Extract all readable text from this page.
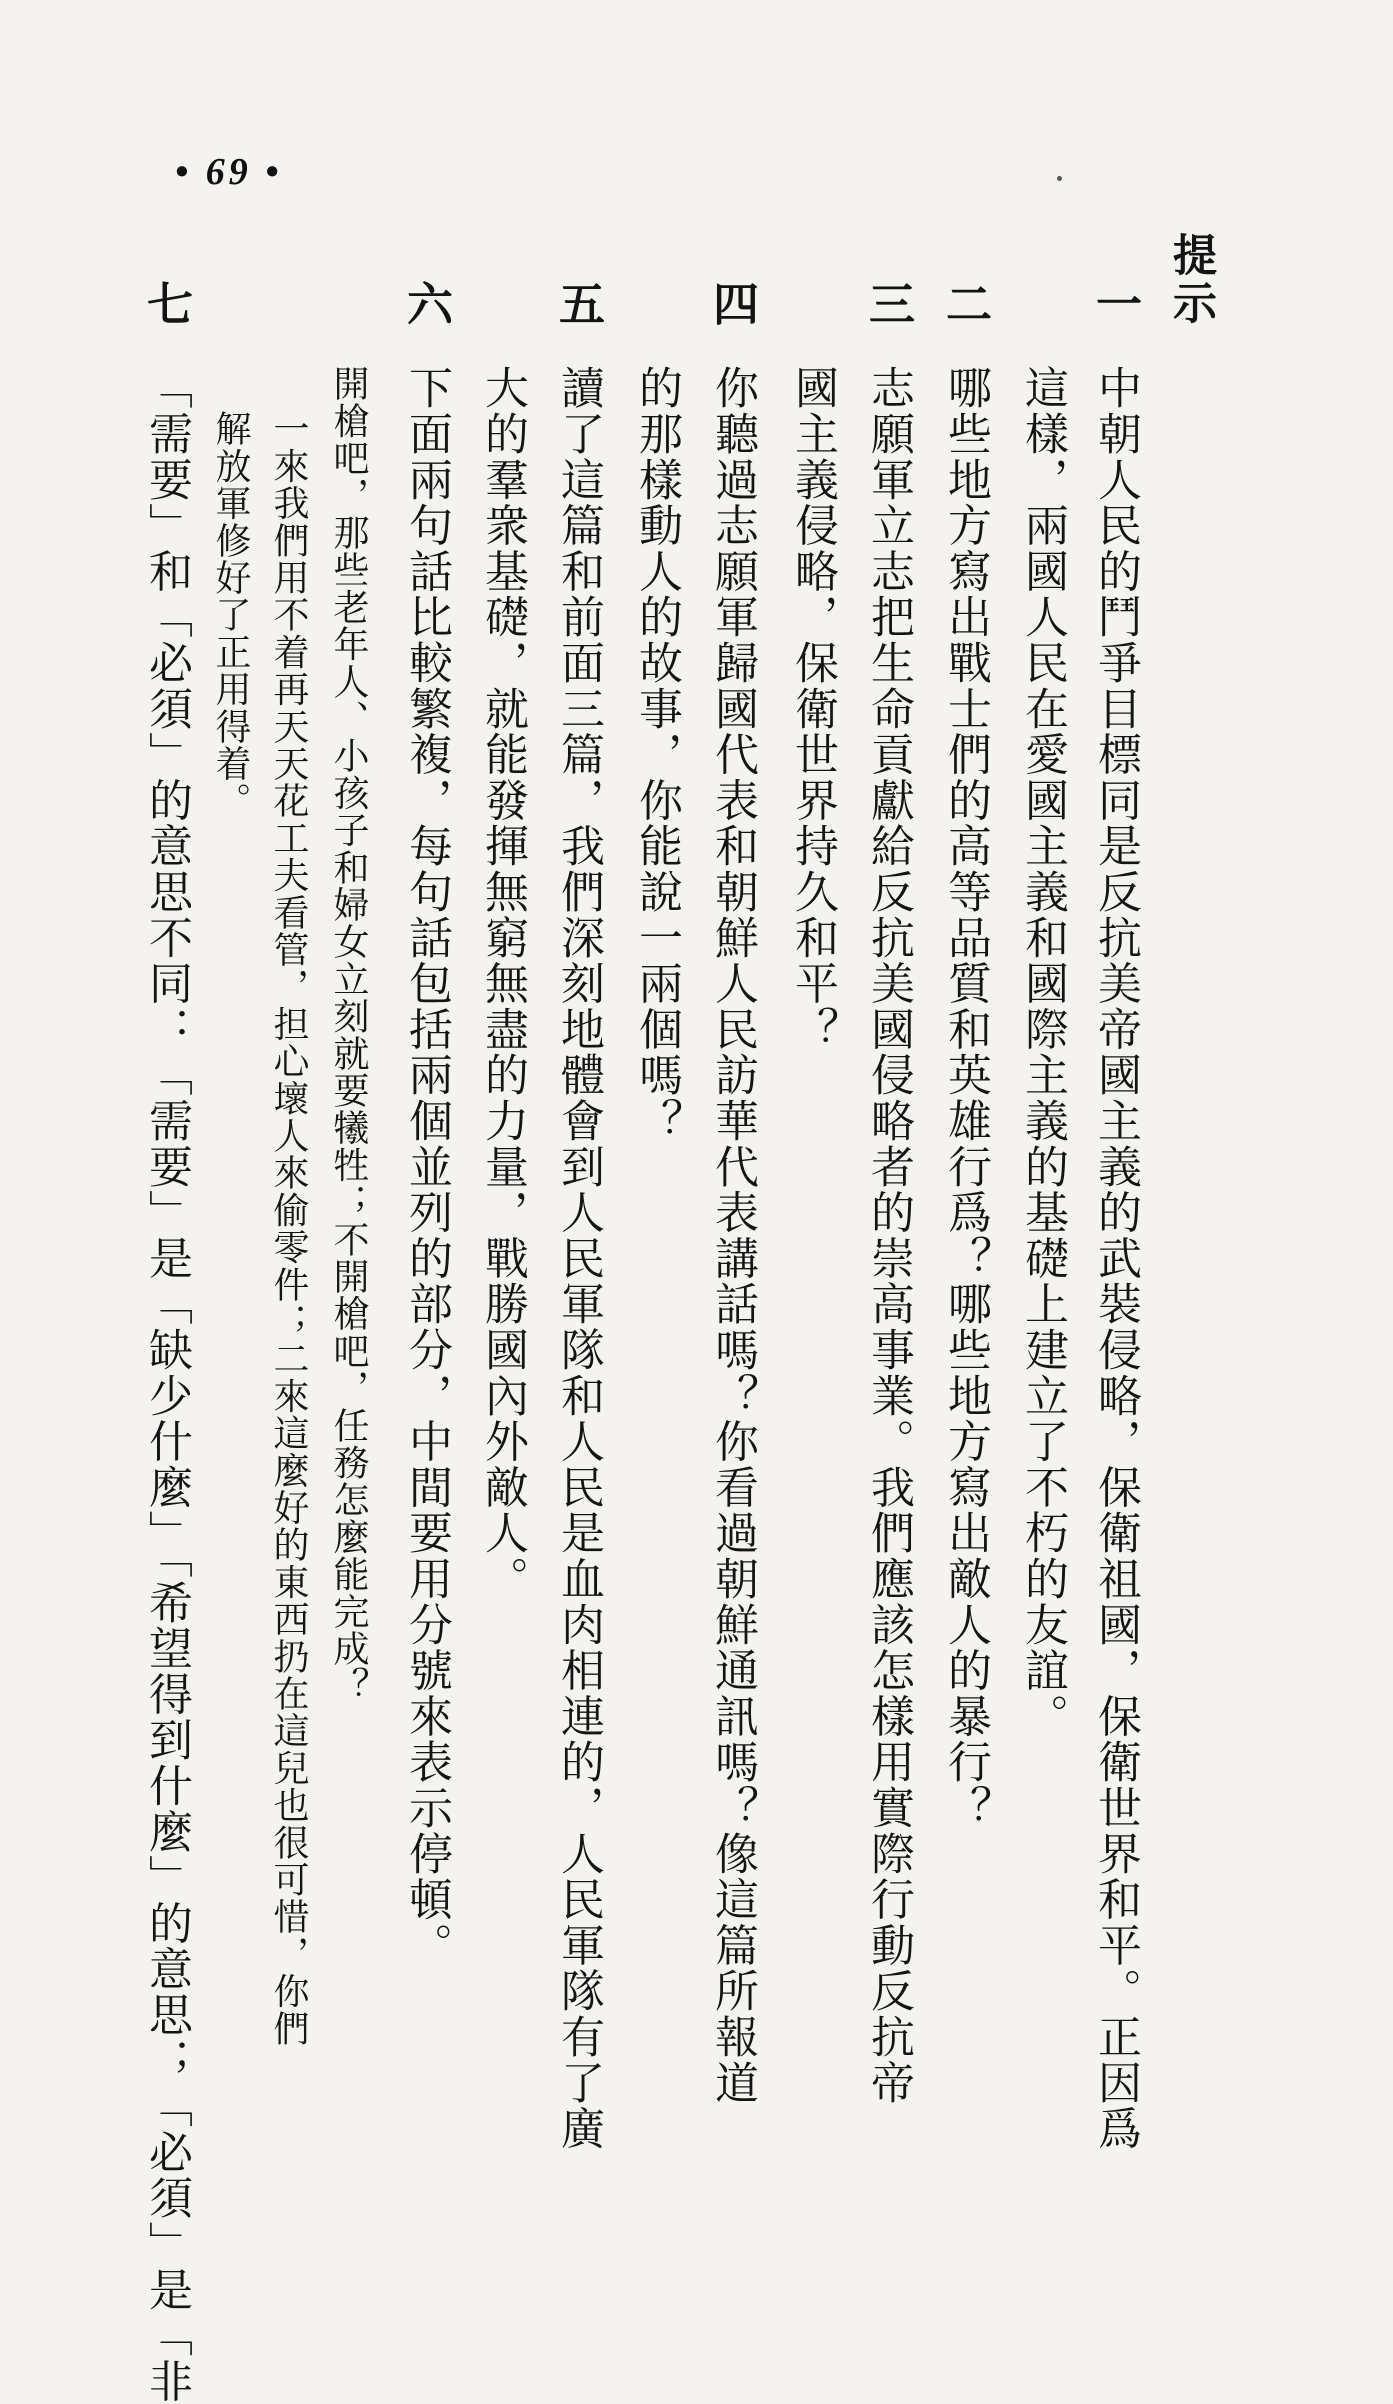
• 69 •
提示
一
中朝人民的鬥爭目標同是反抗美帝國主義的武裝侵略，保衛祖國，保衛世界和平。正因爲
這樣，兩國人民在愛國主義和國際主義的基礎上建立了不朽的友誼。
二
哪些地方寫出戰士們的高等品質和英雄行爲？哪些地方寫出敵人的暴行？
三
志願軍立志把生命貢獻給反抗美國侵略者的崇高事業。我們應該怎樣用實際行動反抗帝
國主義侵略，保衛世界持久和平？
四
你聽過志願軍歸國代表和朝鮮人民訪華代表講話嗎？你看過朝鮮通訊嗎？像這篇所報道
的那樣動人的故事，你能說一兩個嗎？
五
讀了這篇和前面三篇，我們深刻地體會到人民軍隊和人民是血肉相連的，人民軍隊有了廣
大的羣衆基礎，就能發揮無窮無盡的力量，戰勝國內外敵人。
六
下面兩句話比較繁複，每句話包括兩個並列的部分，中間要用分號來表示停頓。
開槍吧，那些老年人、小孩子和婦女立刻就要犧牲；不開槍吧，任務怎麼能完成？
一來我們用不着再天天花工夫看管，担心壞人來偷零件；二來這麼好的東西扔在這兒也很可惜，你們
解放軍修好了正用得着。
七
「需要」和「必須」的意思不同：「需要」是「缺少什麼」「希望得到什麼」的意思；「必須」是「非
